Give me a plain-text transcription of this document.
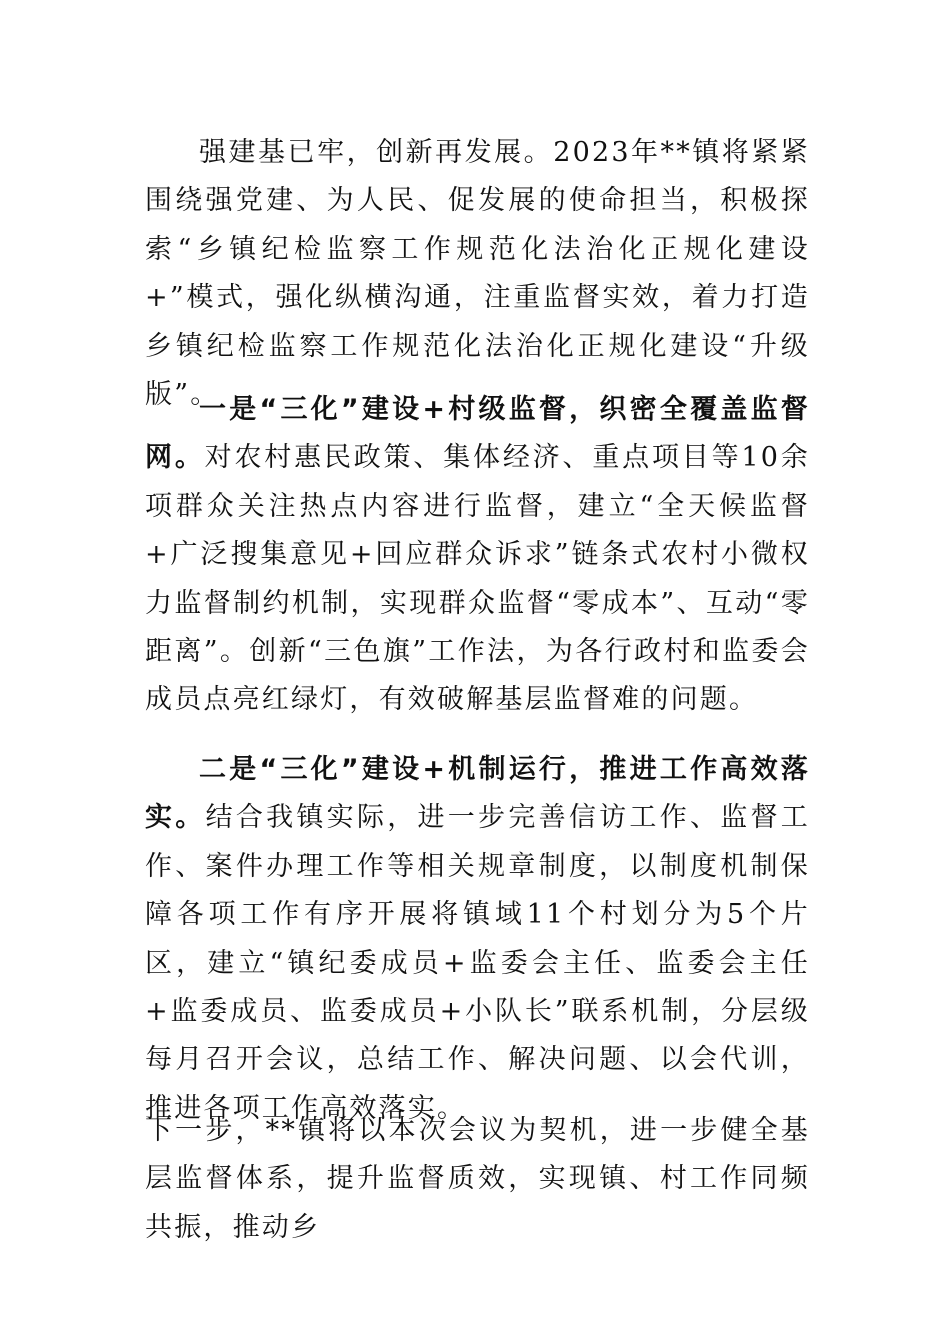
强建基已牢，创新再发展。2023年**镇将紧紧围绕强党建、为人民、促发展的使命担当，积极探索“乡镇纪检监察工作规范化法治化正规化建设+”模式，强化纵横沟通，注重监督实效，着力打造乡镇纪检监察工作规范化法治化正规化建设“升级版”。

一是“三化”建设+村级监督，织密全覆盖监督网。对农村惠民政策、集体经济、重点项目等10余项群众关注热点内容进行监督，建立“全天候监督+广泛搜集意见+回应群众诉求”链条式农村小微权力监督制约机制，实现群众监督“零成本”、互动“零距离”。创新“三色旗”工作法，为各行政村和监委会成员点亮红绿灯，有效破解基层监督难的问题。

二是“三化”建设+机制运行，推进工作高效落实。结合我镇实际，进一步完善信访工作、监督工作、案件办理工作等相关规章制度，以制度机制保障各项工作有序开展将镇域11个村划分为5个片区，建立“镇纪委成员+监委会主任、监委会主任+监委成员、监委成员+小队长”联系机制，分层级每月召开会议，总结工作、解决问题、以会代训，推进各项工作高效落实。

下一步，**镇将以本次会议为契机，进一步健全基层监督体系，提升监督质效，实现镇、村工作同频共振，推动乡
